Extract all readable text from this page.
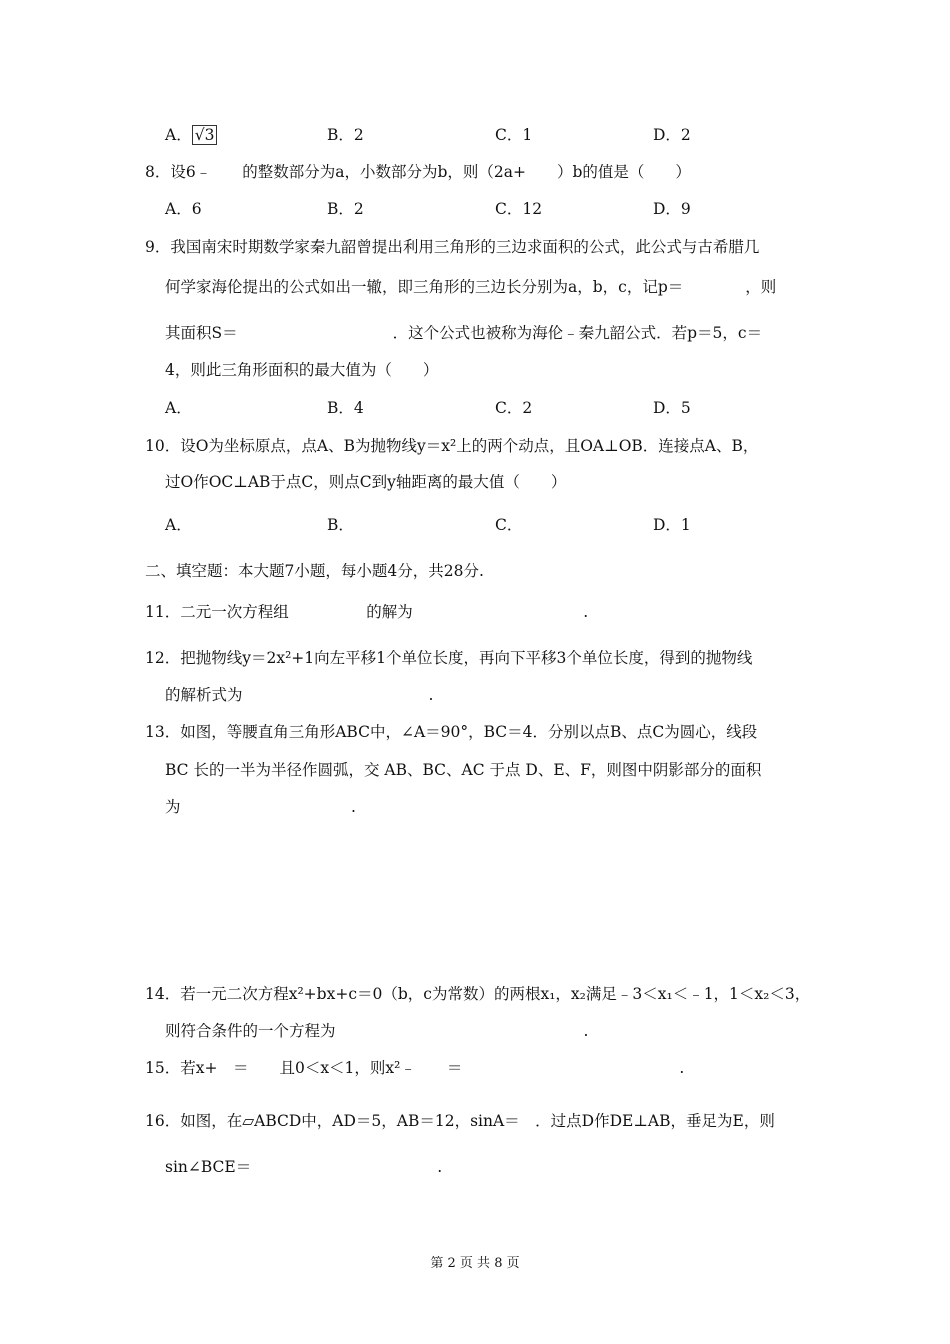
A． √3	B．2	C．1	D．2
8．设6﹣　　的整数部分为a，小数部分为b，则（2a+　　）b的值是（　　）
A．6	B．2	C．12	D．9
9．我国南宋时期数学家秦九韶曾提出利用三角形的三边求面积的公式，此公式与古希腊几
何学家海伦提出的公式如出一辙，即三角形的三边长分别为a，b，c，记p＝　　　　，则
其面积S＝　　　　　　　　　　．这个公式也被称为海伦﹣秦九韶公式．若p＝5，c＝
4，则此三角形面积的最大值为（　　）
A．	B．4	C．2	D．5
10．设O为坐标原点，点A、B为抛物线y＝x²上的两个动点，且OA⊥OB．连接点A、B，
过O作OC⊥AB于点C，则点C到y轴距离的最大值（　　）
A．	B．	C．	D．1
二、填空题：本大题7小题，每小题4分，共28分.
11．二元一次方程组　　　　　的解为　　　　　　　　　　　.
12．把抛物线y＝2x²+1向左平移1个单位长度，再向下平移3个单位长度，得到的抛物线
的解析式为　　　　　　　　　　　　.
13．如图，等腰直角三角形ABC中，∠A＝90°，BC＝4．分别以点B、点C为圆心，线段
BC 长的一半为半径作圆弧，交 AB、BC、AC 于点 D、E、F，则图中阴影部分的面积
为　　　　　　　　　　　.
14．若一元二次方程x²+bx+c＝0（b，c为常数）的两根x₁，x₂满足﹣3＜x₁＜﹣1，1＜x₂＜3，
则符合条件的一个方程为　　　　　　　　　　　　　　　　.
15．若x+　＝　　且0＜x＜1，则x²﹣　　＝　　　　　　　　　　　　　　.
16．如图，在▱ABCD中，AD＝5，AB＝12，sinA＝　．过点D作DE⊥AB，垂足为E，则
sin∠BCE＝　　　　　　　　　　　　.
第 2 页 共 8 页
